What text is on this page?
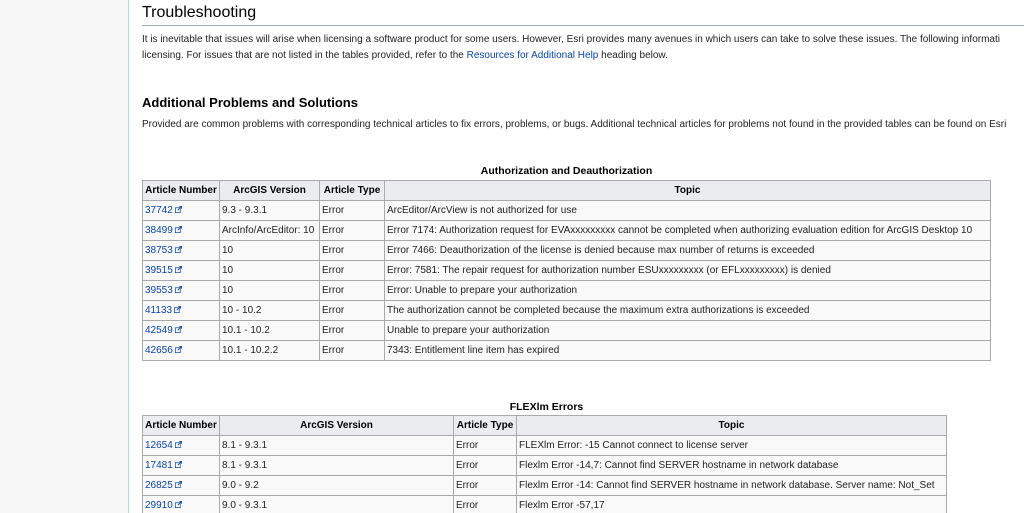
Troubleshooting

It is inevitable that issues will arise when licensing a software product for some users. However, Esri provides many avenues in which users can take to solve these issues. The following informati

licensing. For issues that are not listed in the tables provided, refer to the Resources for Additional Help heading below.

Additional Problems and Solutions

Provided are common problems with corresponding technical articles to fix errors, problems, or bugs. Additional technical articles for problems not found in the provided tables can be found on Esri

Authorization and Deauthorization
Article Number	ArcGIS Version	Article Type	Topic
37742	9.3 - 9.3.1	Error	ArcEditor/ArcView is not authorized for use
38499	ArcInfo/ArcEditor: 10	Error	Error 7174: Authorization request for EVAxxxxxxxxx cannot be completed when authorizing evaluation edition for ArcGIS Desktop 10
38753	10	Error	Error 7466: Deauthorization of the license is denied because max number of returns is exceeded
39515	10	Error	Error: 7581: The repair request for authorization number ESUxxxxxxxxx (or EFLxxxxxxxxx) is denied
39553	10	Error	Error: Unable to prepare your authorization
41133	10 - 10.2	Error	The authorization cannot be completed because the maximum extra authorizations is exceeded
42549	10.1 - 10.2	Error	Unable to prepare your authorization
42656	10.1 - 10.2.2	Error	7343: Entitlement line item has expired
FLEXlm Errors
Article Number	ArcGIS Version	Article Type	Topic
12654	8.1 - 9.3.1	Error	FLEXlm Error: -15 Cannot connect to license server
17481	8.1 - 9.3.1	Error	Flexlm Error -14,7: Cannot find SERVER hostname in network database
26825	9.0 - 9.2	Error	Flexlm Error -14: Cannot find SERVER hostname in network database. Server name: Not_Set
29910	9.0 - 9.3.1	Error	Flexlm Error -57,17
